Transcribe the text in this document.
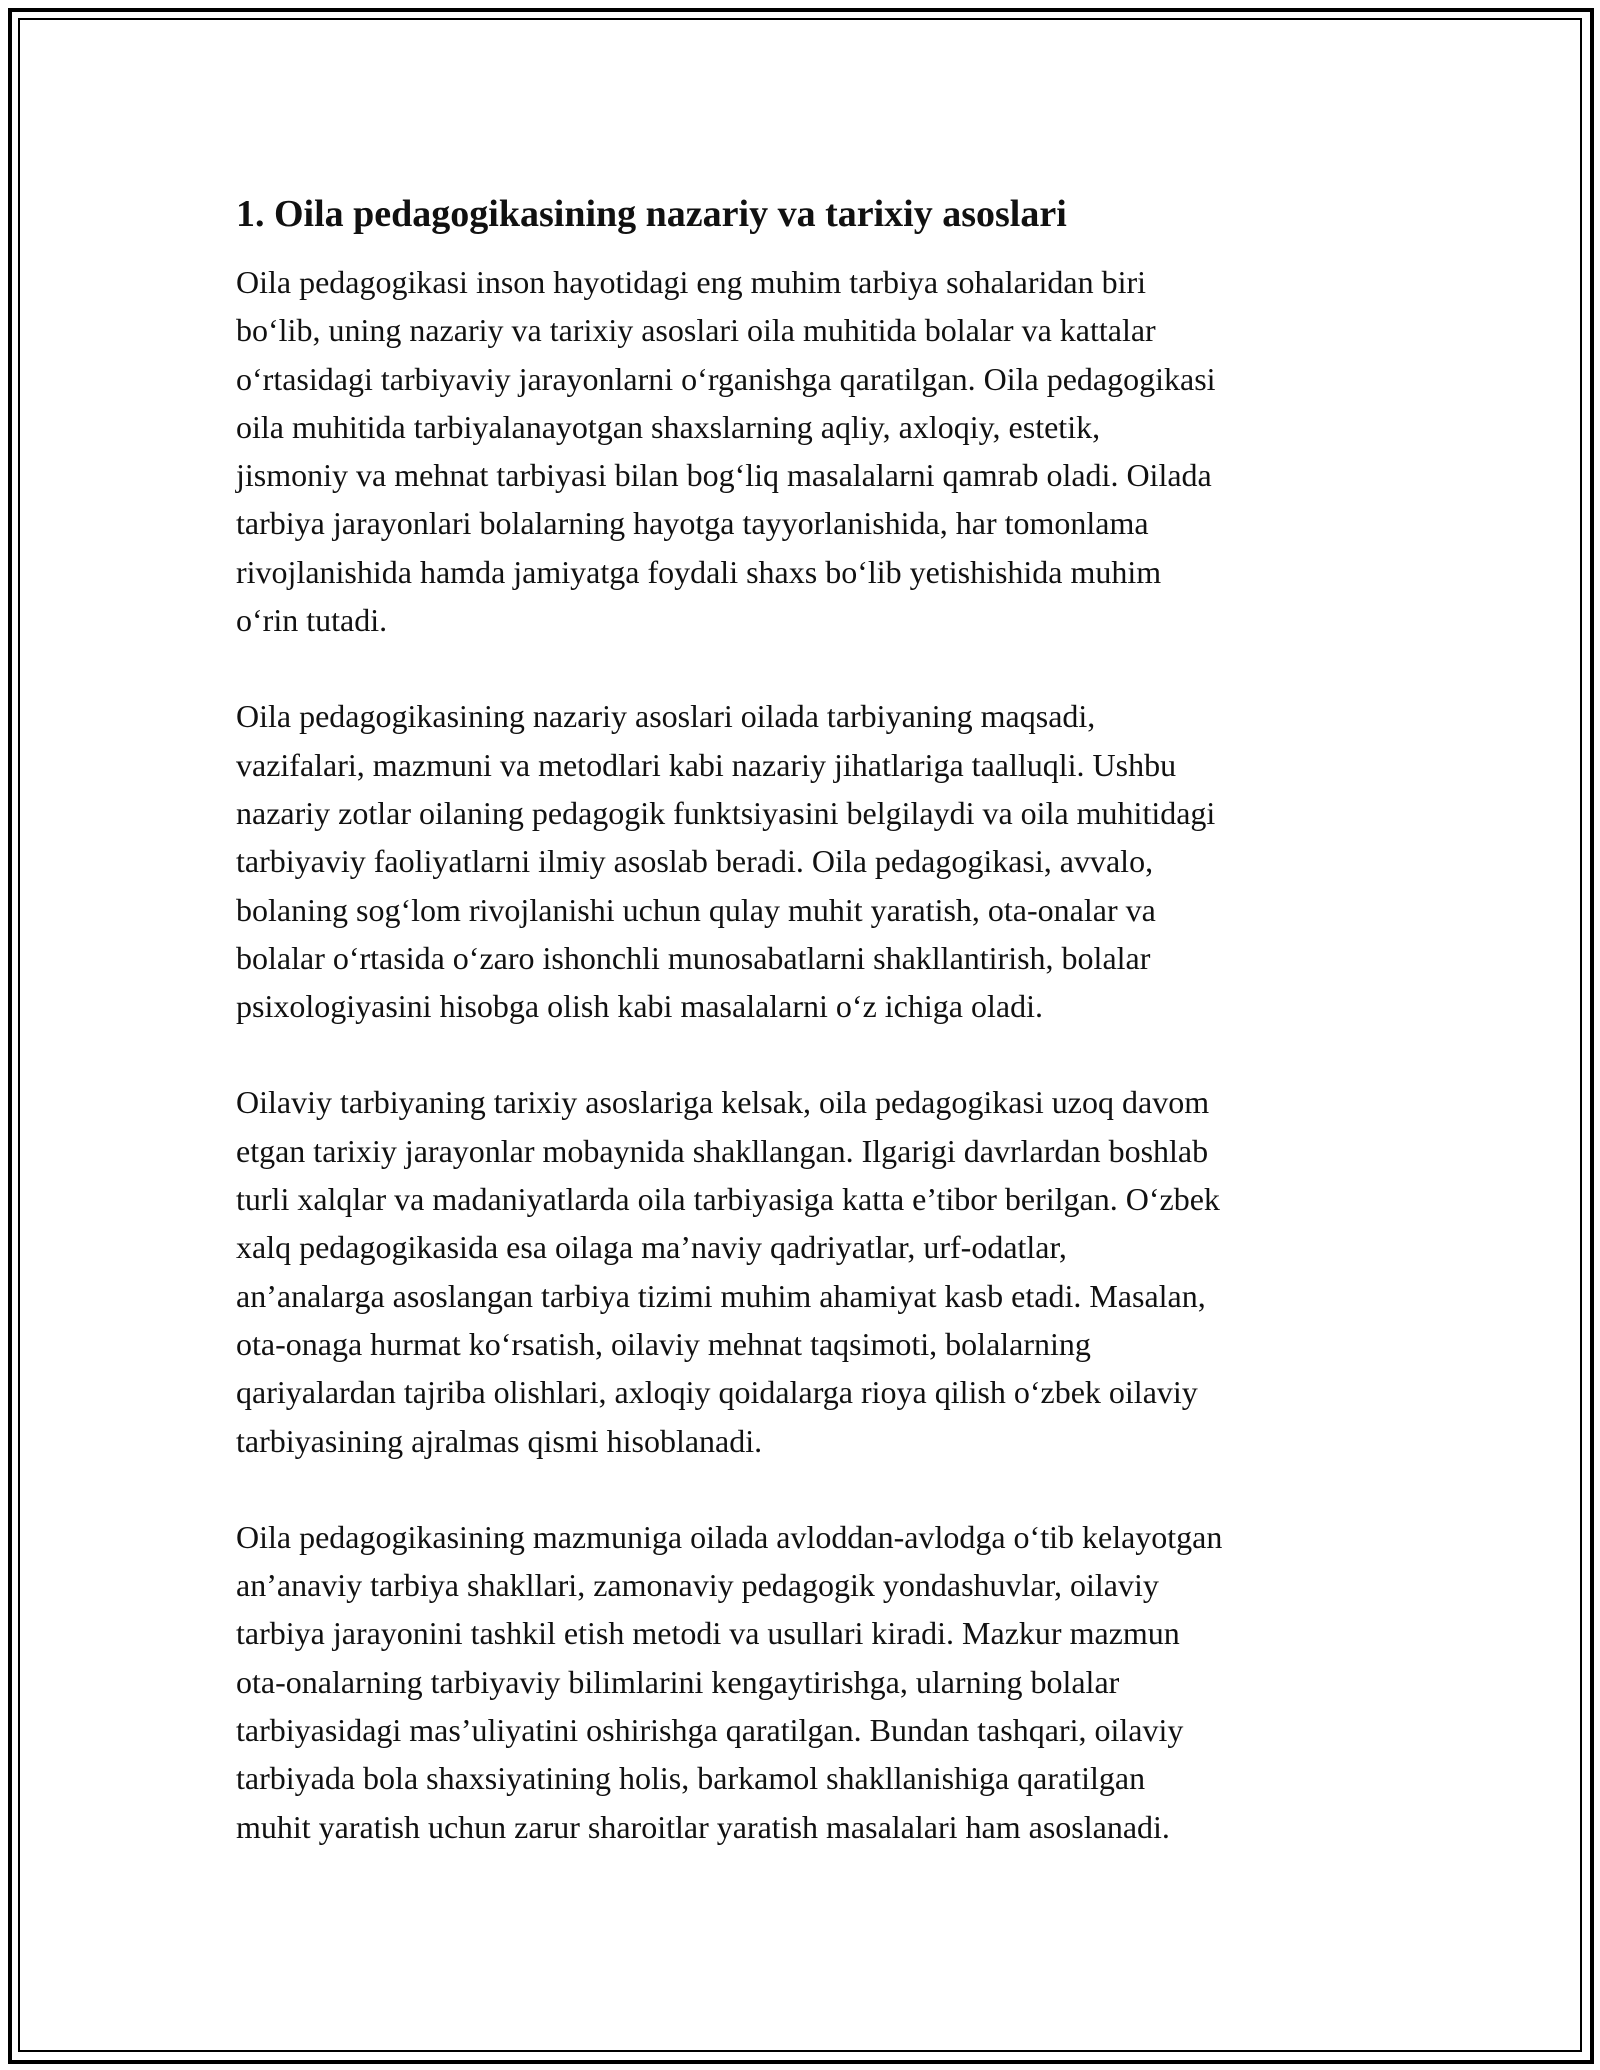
1. Oila pedagogikasining nazariy va tarixiy asoslari
Oila pedagogikasi inson hayotidagi eng muhim tarbiya sohalaridan biri
bo‘lib, uning nazariy va tarixiy asoslari oila muhitida bolalar va kattalar
o‘rtasidagi tarbiyaviy jarayonlarni o‘rganishga qaratilgan. Oila pedagogikasi
oila muhitida tarbiyalanayotgan shaxslarning aqliy, axloqiy, estetik,
jismoniy va mehnat tarbiyasi bilan bog‘liq masalalarni qamrab oladi. Oilada
tarbiya jarayonlari bolalarning hayotga tayyorlanishida, har tomonlama
rivojlanishida hamda jamiyatga foydali shaxs bo‘lib yetishishida muhim
o‘rin tutadi.
Oila pedagogikasining nazariy asoslari oilada tarbiyaning maqsadi,
vazifalari, mazmuni va metodlari kabi nazariy jihatlariga taalluqli. Ushbu
nazariy zotlar oilaning pedagogik funktsiyasini belgilaydi va oila muhitidagi
tarbiyaviy faoliyatlarni ilmiy asoslab beradi. Oila pedagogikasi, avvalo,
bolaning sog‘lom rivojlanishi uchun qulay muhit yaratish, ota-onalar va
bolalar o‘rtasida o‘zaro ishonchli munosabatlarni shakllantirish, bolalar
psixologiyasini hisobga olish kabi masalalarni o‘z ichiga oladi.
Oilaviy tarbiyaning tarixiy asoslariga kelsak, oila pedagogikasi uzoq davom
etgan tarixiy jarayonlar mobaynida shakllangan. Ilgarigi davrlardan boshlab
turli xalqlar va madaniyatlarda oila tarbiyasiga katta e’tibor berilgan. O‘zbek
xalq pedagogikasida esa oilaga ma’naviy qadriyatlar, urf-odatlar,
an’analarga asoslangan tarbiya tizimi muhim ahamiyat kasb etadi. Masalan,
ota-onaga hurmat ko‘rsatish, oilaviy mehnat taqsimoti, bolalarning
qariyalardan tajriba olishlari, axloqiy qoidalarga rioya qilish o‘zbek oilaviy
tarbiyasining ajralmas qismi hisoblanadi.
Oila pedagogikasining mazmuniga oilada avloddan-avlodga o‘tib kelayotgan
an’anaviy tarbiya shakllari, zamonaviy pedagogik yondashuvlar, oilaviy
tarbiya jarayonini tashkil etish metodi va usullari kiradi. Mazkur mazmun
ota-onalarning tarbiyaviy bilimlarini kengaytirishga, ularning bolalar
tarbiyasidagi mas’uliyatini oshirishga qaratilgan. Bundan tashqari, oilaviy
tarbiyada bola shaxsiyatining holis, barkamol shakllanishiga qaratilgan
muhit yaratish uchun zarur sharoitlar yaratish masalalari ham asoslanadi.
